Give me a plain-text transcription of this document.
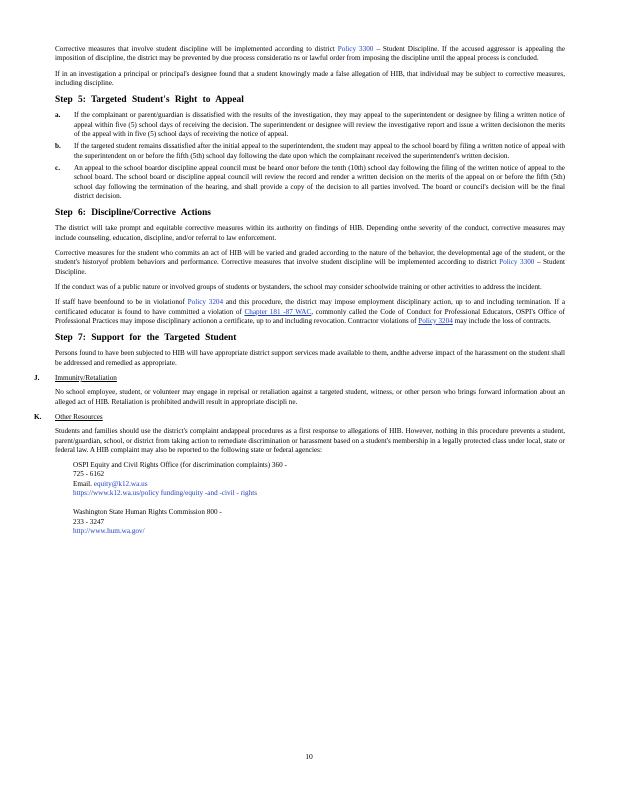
Corrective measures that involve student discipline will be implemented according to district Policy 3300 – Student Discipline. If the accused aggressor is appealing the imposition of discipline, the district may be prevented by due process consideratio ns or lawful order from imposing the discipline until the appeal process is concluded.

If in an investigation a principal or principal's designee found that a student knowingly made a false allegation of HIB, that individual may be subject to corrective measures, including discipline.

Step 5: Targeted Student's Right to Appeal
a. If the complainant or parent/guardian is dissatisfied with the results of the investigation, they may appeal to the superintendent or designee by filing a written notice of appeal within five (5) school days of receiving the decision. The superintendent or designee will review the investigative report and issue a written decisionon the merits of the appeal with in five (5) school days of receiving the notice of appeal.
b. If the targeted student remains dissatisfied after the initial appeal to the superintendent, the student may appeal to the school board by filing a written notice of appeal with the superintendent on or before the fifth (5th) school day following the date upon which the complainant received the superintendent's written decision.
c. An appeal to the school boardor discipline appeal council must be heard onor before the tenth (10th) school day following the filing of the written notice of appeal to the school board. The school board or discipline appeal council will review the record and render a written decision on the merits of the appeal on or before the fifth (5th) school day following the termination of the hearing, and shall provide a copy of the decision to all parties involved. The board or council's decision will be the final district decision.
Step 6: Discipline/Corrective Actions

The district will take prompt and equitable corrective measures within its authority on findings of HIB. Depending onthe severity of the conduct, corrective measures may include counseling, education, discipline, and/or referral to law enforcement.

Corrective measures for the student who commits an act of HIB will be varied and graded according to the nature of the behavior, the developmental age of the student, or the student's historyof problem behaviors and performance. Corrective measures that involve student discipline will be implemented according to district Policy 3300 – Student Discipline.

If the conduct was of a public nature or involved groups of students or bystanders, the school may consider schoolwide training or other activities to address the incident.

If staff have beenfound to be in violationof Policy 3204 and this procedure, the district may impose employment disciplinary action, up to and including termination. If a certificated educator is found to have committed a violation of Chapter 181 -87 WAC, commonly called the Code of Conduct for Professional Educators, OSPI's Office of Professional Practices may impose disciplinary actionon a certificate, up to and including revocation. Contractor violations of Policy 3204 may include the loss of contracts.

Step 7: Support for the Targeted Student

Persons found to have been subjected to HIB will have appropriate district support services made available to them, andthe adverse impact of the harassment on the student shall be addressed and remedied as appropriate.

J. Immunity/Retaliation

No school employee, student, or volunteer may engage in reprisal or retaliation against a targeted student, witness, or other person who brings forward information about an alleged act of HIB. Retaliation is prohibited andwill result in appropriate discipli ne.

K. Other Resources

Students and families should use the district's complaint andappeal procedures as a first response to allegations of HIB. However, nothing in this procedure prevents a student, parent/guardian, school, or district from taking action to remediate discrimination or harassment based on a student's membership in a legally protected class under local, state or federal law. A HIB complaint may also be reported to the following state or federal agencies:

OSPI Equity and Civil Rights Office (for discrimination complaints) 360 -
725 - 6162
Email. equity@k12.wa.us
https://www.k12.wa.us/policy funding/equity -and -civil - rights
Washington State Human Rights Commission 800 -
233 - 3247
http://www.hum.wa.gov/
10
